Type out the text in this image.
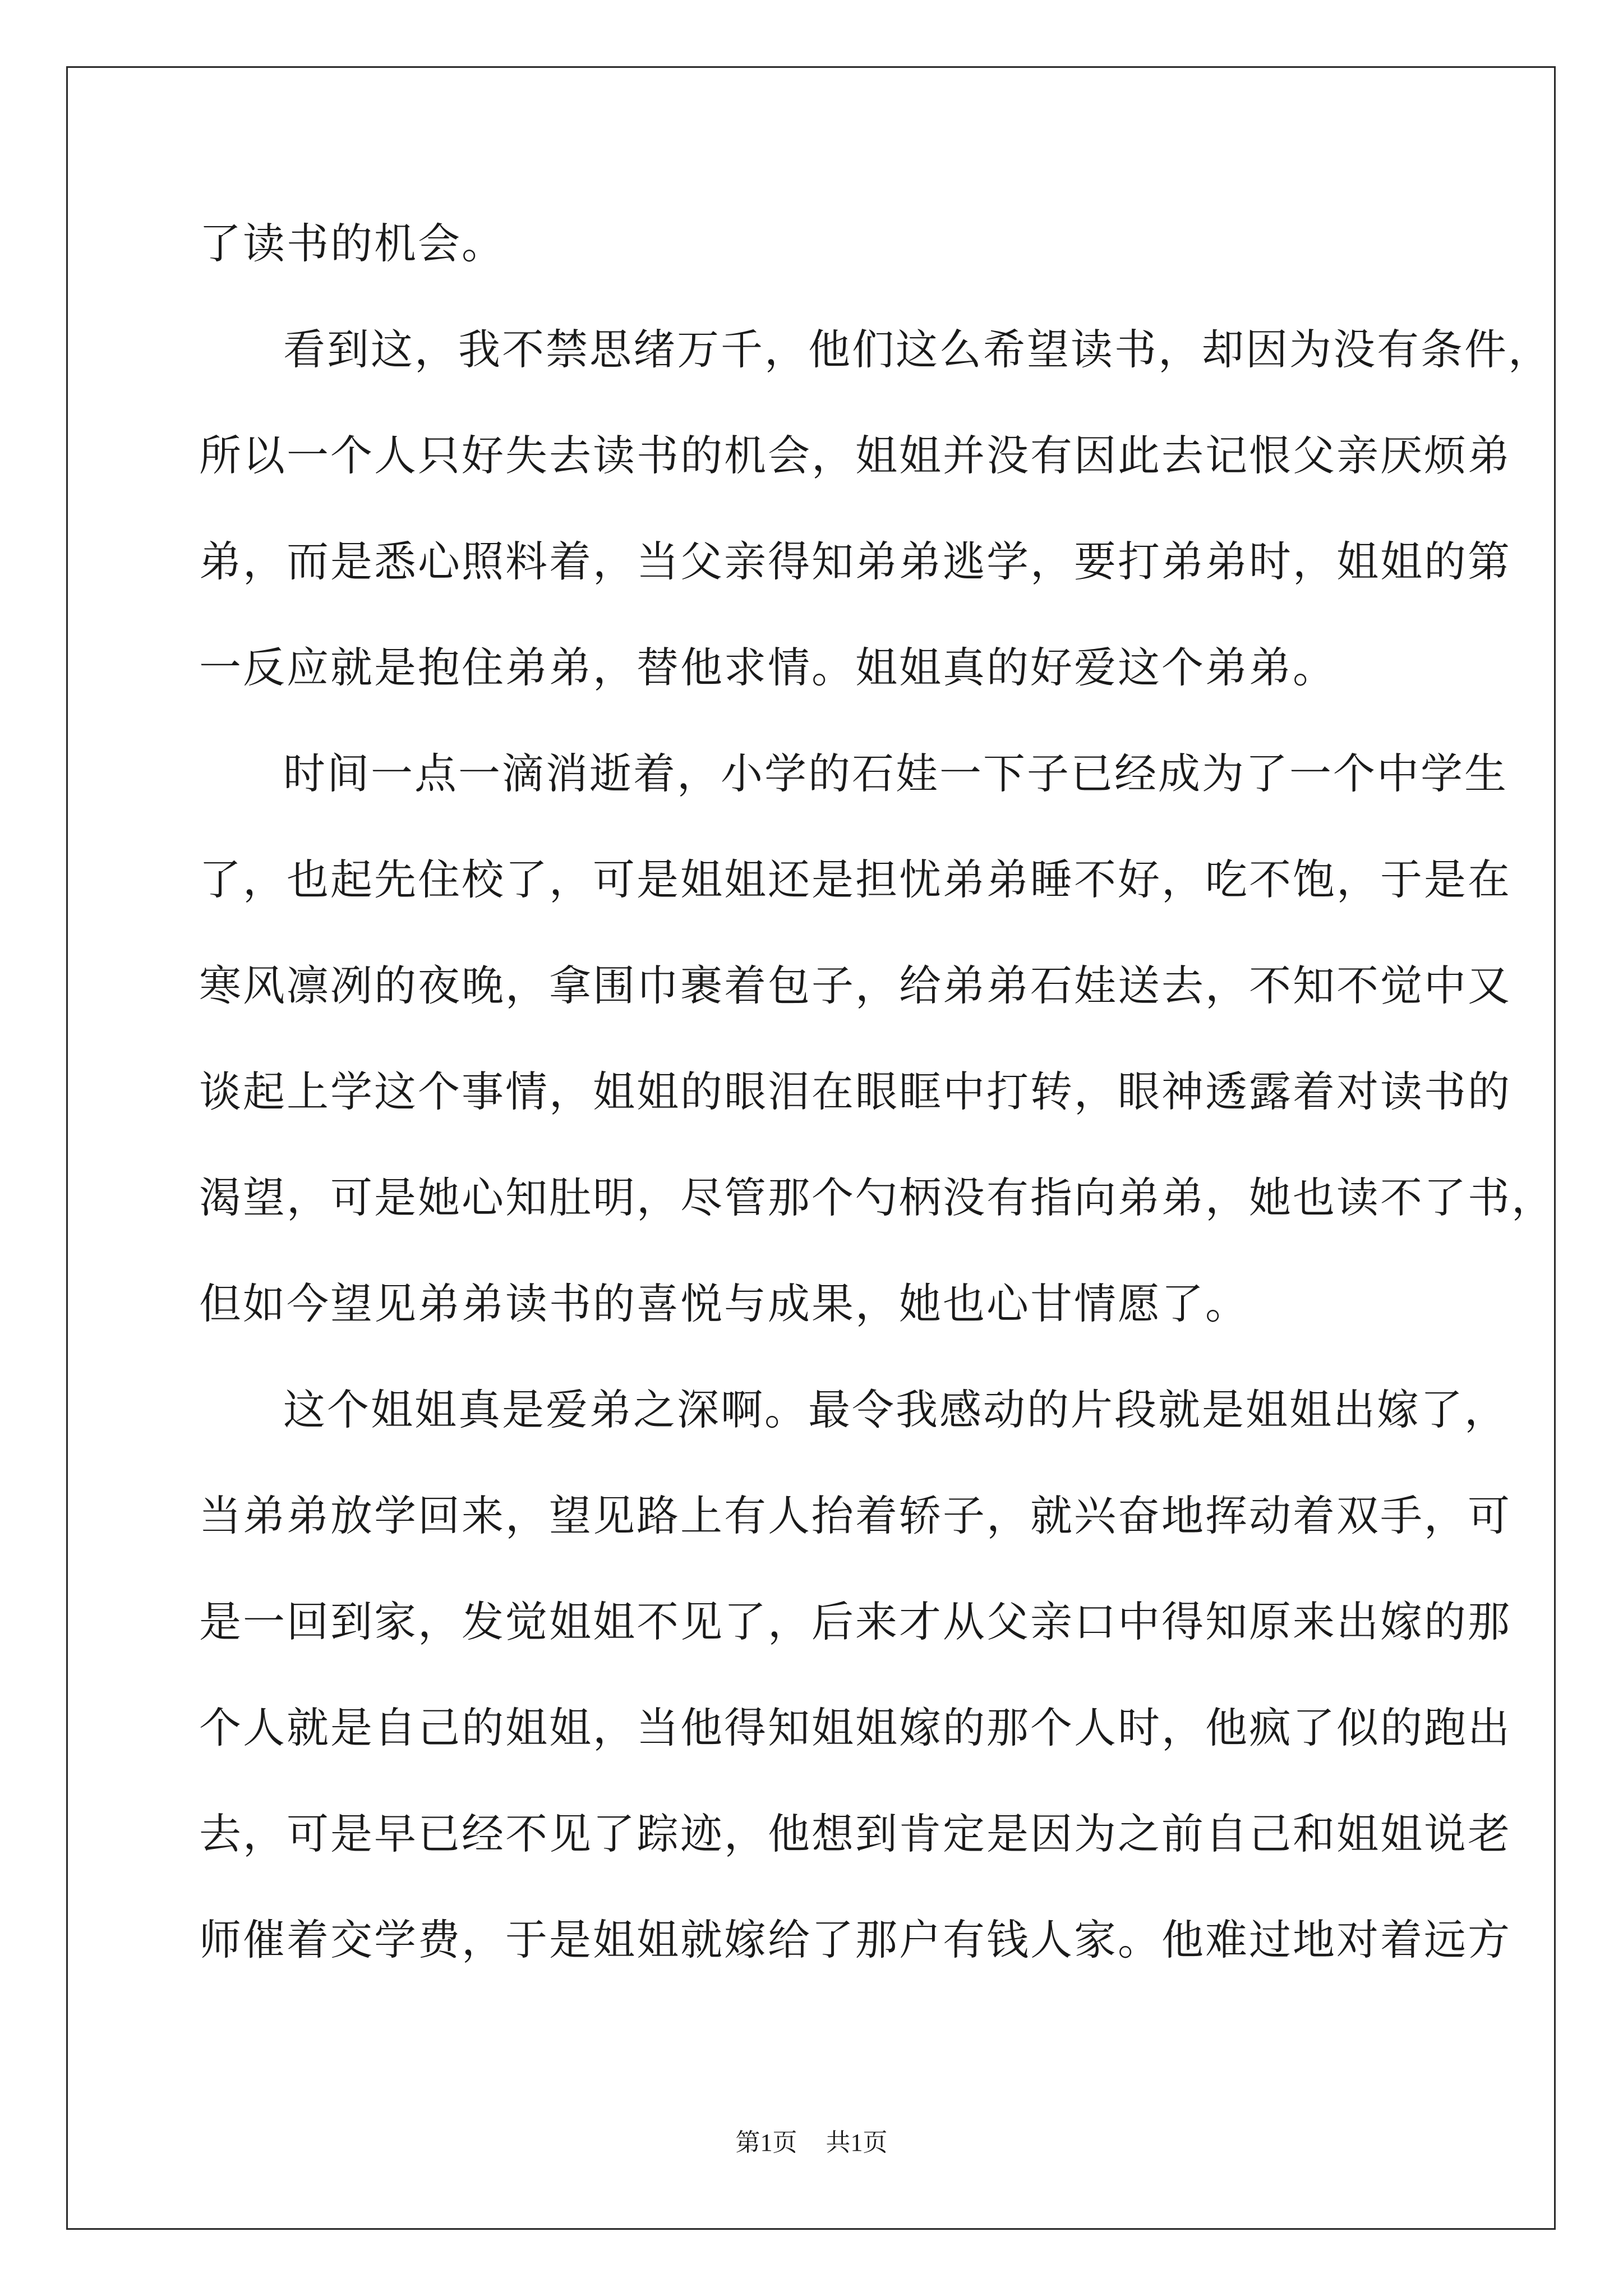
了读书的机会。
看到这，我不禁思绪万千，他们这么希望读书，却因为没有条件，
所以一个人只好失去读书的机会，姐姐并没有因此去记恨父亲厌烦弟
弟，而是悉心照料着，当父亲得知弟弟逃学，要打弟弟时，姐姐的第
一反应就是抱住弟弟，替他求情。姐姐真的好爱这个弟弟。
时间一点一滴消逝着，小学的石娃一下子已经成为了一个中学生
了，也起先住校了，可是姐姐还是担忧弟弟睡不好，吃不饱，于是在
寒风凛冽的夜晚，拿围巾裹着包子，给弟弟石娃送去，不知不觉中又
谈起上学这个事情，姐姐的眼泪在眼眶中打转，眼神透露着对读书的
渴望，可是她心知肚明，尽管那个勺柄没有指向弟弟，她也读不了书，
但如今望见弟弟读书的喜悦与成果，她也心甘情愿了。
这个姐姐真是爱弟之深啊。最令我感动的片段就是姐姐出嫁了，
当弟弟放学回来，望见路上有人抬着轿子，就兴奋地挥动着双手，可
是一回到家，发觉姐姐不见了，后来才从父亲口中得知原来出嫁的那
个人就是自己的姐姐，当他得知姐姐嫁的那个人时，他疯了似的跑出
去，可是早已经不见了踪迹，他想到肯定是因为之前自己和姐姐说老
师催着交学费，于是姐姐就嫁给了那户有钱人家。他难过地对着远方
第1页 共1页
